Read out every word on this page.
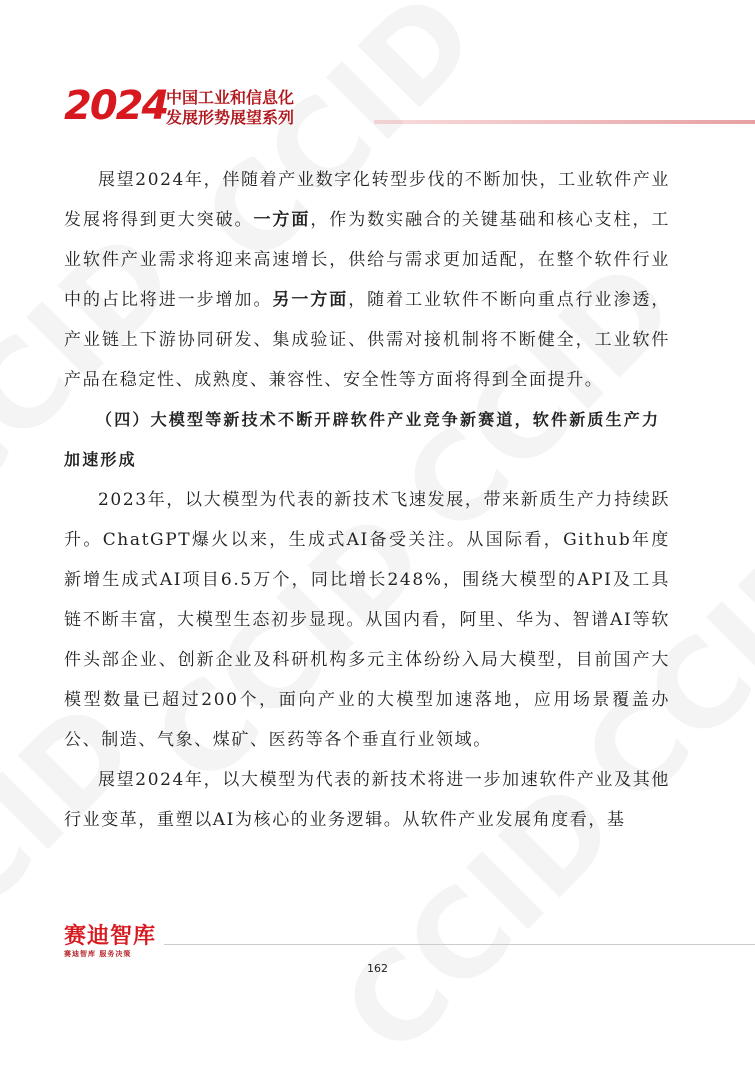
2024
中国工业和信息化
发展形势展望系列

展望2024年，伴随着产业数字化转型步伐的不断加快，工业软件产业发展将得到更大突破。一方面，作为数实融合的关键基础和核心支柱，工业软件产业需求将迎来高速增长，供给与需求更加适配，在整个软件行业中的占比将进一步增加。另一方面，随着工业软件不断向重点行业渗透，产业链上下游协同研发、集成验证、供需对接机制将不断健全，工业软件产品在稳定性、成熟度、兼容性、安全性等方面将得到全面提升。

（四）大模型等新技术不断开辟软件产业竞争新赛道，软件新质生产力加速形成

2023年，以大模型为代表的新技术飞速发展，带来新质生产力持续跃升。ChatGPT爆火以来，生成式AI备受关注。从国际看，Github年度新增生成式AI项目6.5万个，同比增长248%，围绕大模型的API及工具链不断丰富，大模型生态初步显现。从国内看，阿里、华为、智谱AI等软件头部企业、创新企业及科研机构多元主体纷纷入局大模型，目前国产大模型数量已超过200个，面向产业的大模型加速落地，应用场景覆盖办公、制造、气象、煤矿、医药等各个垂直行业领域。

展望2024年，以大模型为代表的新技术将进一步加速软件产业及其他行业变革，重塑以AI为核心的业务逻辑。从软件产业发展角度看，基

赛迪智库
赛迪智库 服务决策
162
